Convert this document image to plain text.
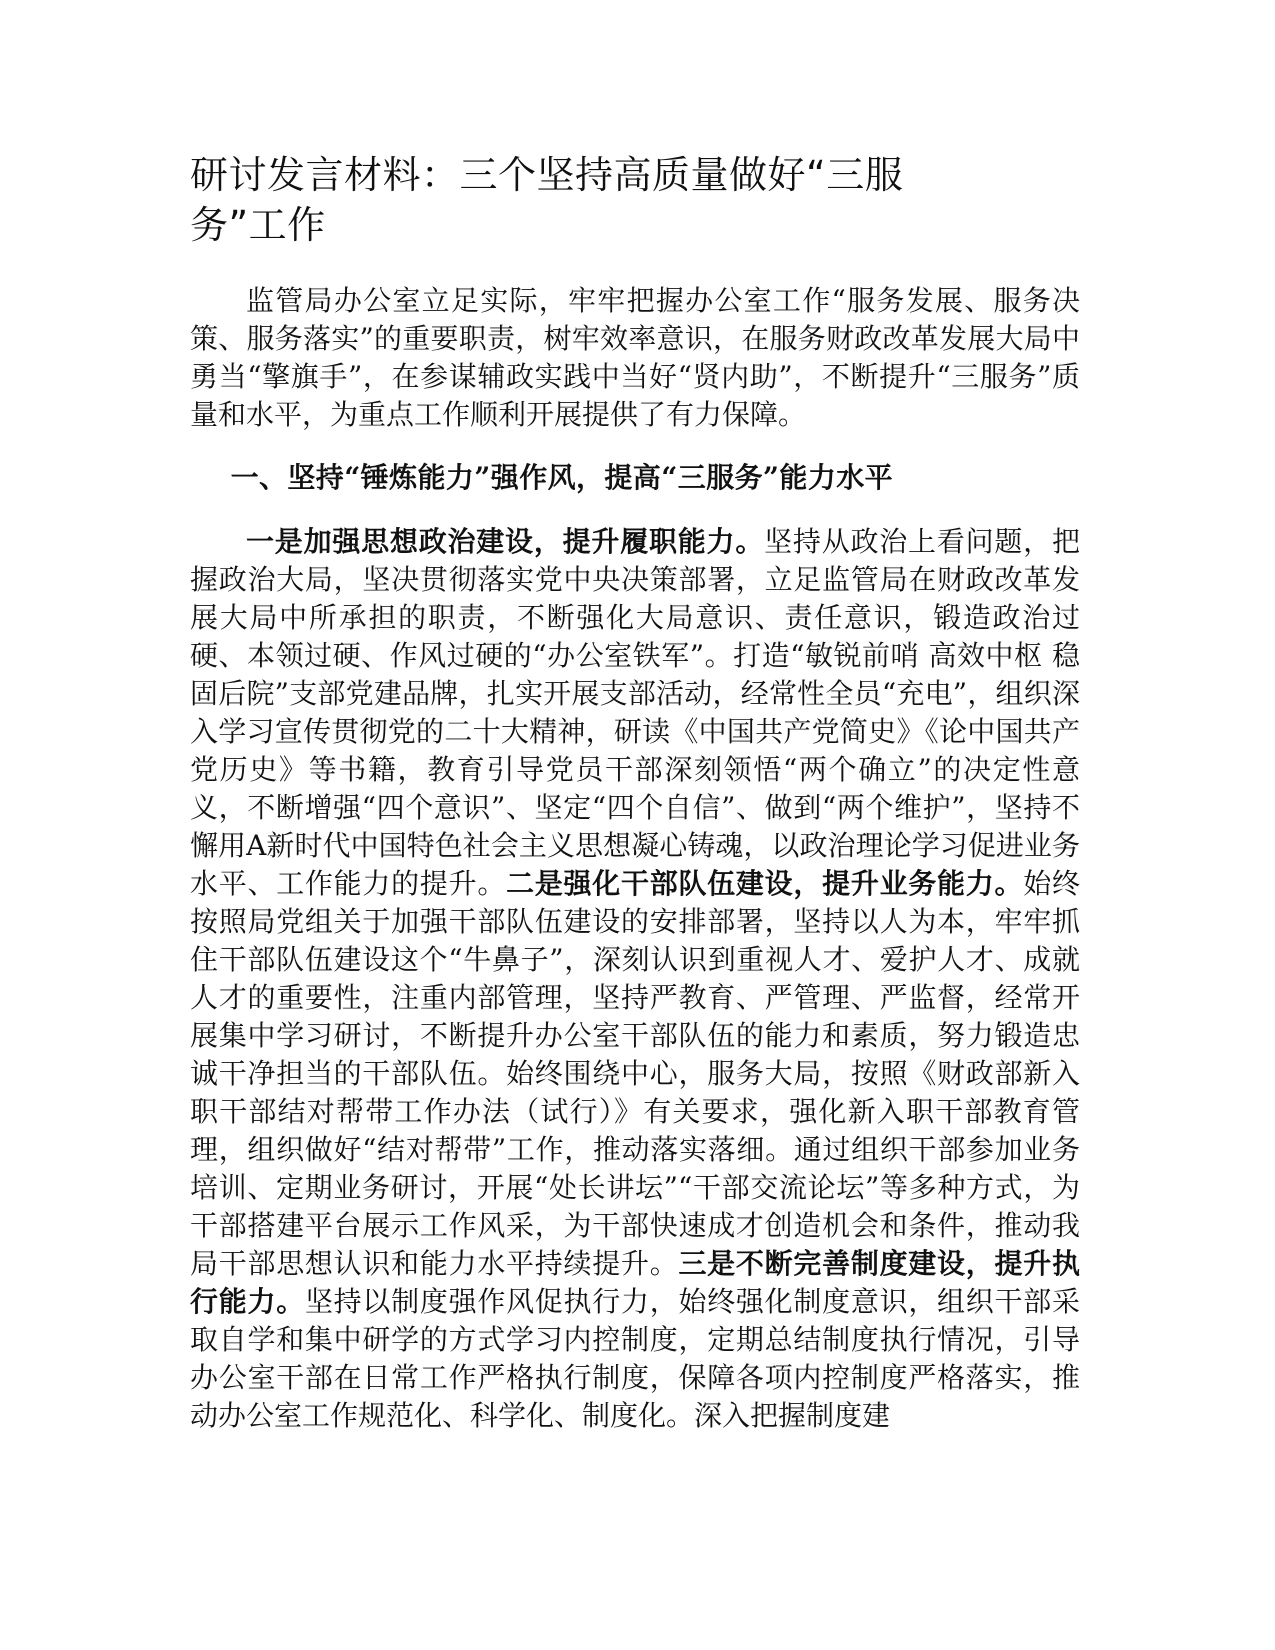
研讨发言材料：三个坚持高质量做好“三服务”工作

监管局办公室立足实际，牢牢把握办公室工作“服务发展、服务决策、服务落实”的重要职责，树牢效率意识，在服务财政改革发展大局中勇当“擎旗手”，在参谋辅政实践中当好“贤内助”，不断提升“三服务”质量和水平，为重点工作顺利开展提供了有力保障。

一、坚持“锤炼能力”强作风，提高“三服务”能力水平

一是加强思想政治建设，提升履职能力。坚持从政治上看问题，把握政治大局，坚决贯彻落实党中央决策部署，立足监管局在财政改革发展大局中所承担的职责，不断强化大局意识、责任意识，锻造政治过硬、本领过硬、作风过硬的“办公室铁军”。打造“敏锐前哨 高效中枢 稳固后院”支部党建品牌，扎实开展支部活动，经常性全员“充电”，组织深入学习宣传贯彻党的二十大精神，研读《中国共产党简史》《论中国共产党历史》等书籍，教育引导党员干部深刻领悟“两个确立”的决定性意义，不断增强“四个意识”、坚定“四个自信”、做到“两个维护”，坚持不懈用A新时代中国特色社会主义思想凝心铸魂，以政治理论学习促进业务水平、工作能力的提升。二是强化干部队伍建设，提升业务能力。始终按照局党组关于加强干部队伍建设的安排部署，坚持以人为本，牢牢抓住干部队伍建设这个“牛鼻子”，深刻认识到重视人才、爱护人才、成就人才的重要性，注重内部管理，坚持严教育、严管理、严监督，经常开展集中学习研讨，不断提升办公室干部队伍的能力和素质，努力锻造忠诚干净担当的干部队伍。始终围绕中心，服务大局，按照《财政部新入职干部结对帮带工作办法（试行）》有关要求，强化新入职干部教育管理，组织做好“结对帮带”工作，推动落实落细。通过组织干部参加业务培训、定期业务研讨，开展“处长讲坛”“干部交流论坛”等多种方式，为干部搭建平台展示工作风采，为干部快速成才创造机会和条件，推动我局干部思想认识和能力水平持续提升。三是不断完善制度建设，提升执行能力。坚持以制度强作风促执行力，始终强化制度意识，组织干部采取自学和集中研学的方式学习内控制度，定期总结制度执行情况，引导办公室干部在日常工作严格执行制度，保障各项内控制度严格落实，推动办公室工作规范化、科学化、制度化。深入把握制度建
